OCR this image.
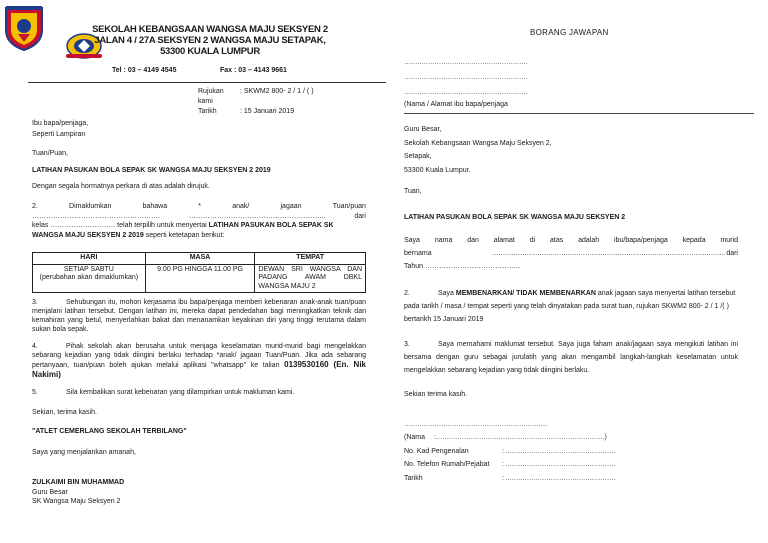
SEKOLAH KEBANGSAAN WANGSA MAJU SEKSYEN 2
JALAN 4 / 27A SEKSYEN 2 WANGSA MAJU SETAPAK,
53300 KUALA LUMPUR
Tel : 03 – 4149 4545	Fax : 03 – 4143 9661
Rujukan kami
: SKWM2 800- 2 / 1 / ( )
Tarikh	: 15 Januari 2019
Ibu bapa/penjaga,
Seperti Lampiran
Tuan/Puan,
LATIHAN PASUKAN BOLA SEPAK SK WANGSA MAJU SEKSYEN 2 2019
Dengan segala hormatnya perkara di atas adalah dirujuk.
2.	Dimaklumkan	bahawa	*	anak/	jagaan	Tuan/puan
……………………………………………….	…………………………………………………..	dari
kelas ………………………. telah terpilih untuk menyertai LATIHAN PASUKAN BOLA SEPAK SK
WANGSA MAJU SEKSYEN 2 2019 seperti ketetapan berikut:
HARI	MASA	TEMPAT

SETIAP SABTU
(perubahan akan dimaklumkan)	9.00 PG HINGGA 11.00 PG	DEWAN SRI WANGSA DAN PADANG AWAM DBKL WANGSA MAJU 2
3.	Sehubungan itu, mohon kerjasama ibu bapa/penjaga memberi kebenaran anak-anak tuan/puan menjalani latihan tersebut. Dengan latihan ini, mereka dapat pendedahan bagi meningkatkan teknik dan kemahiran yang betul, menyerlahkan bakat dan menanamkan keyakinan diri yang tinggi terutama dalam sukan bola sepak.
4.	Pihak sekolah akan berusaha untuk menjaga keselamatan murid-murid bagi mengelakkan sebarang kejadian yang tidak diingini berlaku terhadap *anak/ jagaan Tuan/Puan. Jika ada sebarang pertanyaan, tuan/puan boleh ajukan melalui aplikasi "whatsapp" ke talian 0139530160 (En. Nik Nakimi)
5.	Sila kembalikan surat kebenaran yang dilampirkan untuk makluman kami.
Sekian, terima kasih.
"ATLET CEMERLANG SEKOLAH TERBILANG"
Saya yang menjalankan amanah,
ZULKAIMI BIN MUHAMMAD
Guru Besar
SK Wangsa Maju Seksyen 2
BORANG JAWAPAN
…………………………………………………
…………………………………………………
…………………………………………………
(Nama / Alamat ibu bapa/penjaga
Guru Besar,
Sekolah Kebangsaan Wangsa Maju Seksyen 2,
Setapak,
53300 Kuala Lumpur.
Tuan,
LATIHAN PASUKAN BOLA SEPAK SK WANGSA MAJU SEKSYEN 2
Saya nama dan alamat di atas adalah ibu/bapa/penjaga kepada murid
bernama	……………………………………………………………………………………………… dari
Tahun …………………………………..
2.	Saya MEMBENARKAN/ TIDAK MEMBENARKAN anak jagaan saya menyertai latihan tersebut pada tarikh / masa / tempat seperti yang telah dinyatakan pada surat tuan, rujukan SKWM2 800- 2 / 1 /( ) bertarikh 15 Januari 2019
3.	Saya memahami maklumat tersebut. Saya juga faham anak/jagaan saya mengikuti latihan ini bersama dengan guru sebagai jurulatih yang akan mengambil langkah-langkah keselamatan untuk mengelakkan sebarang kejadian yang tidak diingini berlaku.
Sekian terima kasih.
…………………………………………………………
(Nama	:……………………………………………………………………)
No. Kad Pengenalan	: ……………………………………………
No. Telefon Rumah/Pejabat	: ……………………………………………
Tarikh	: ……………………………………………
